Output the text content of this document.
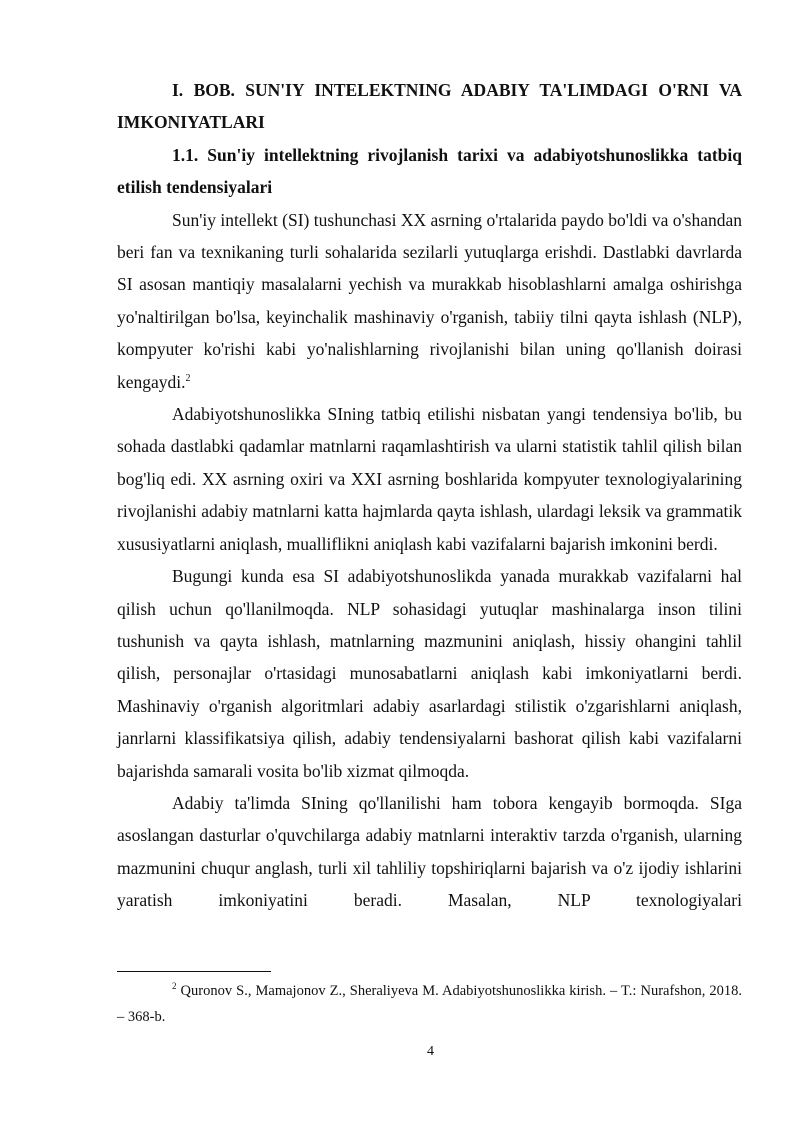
I. BOB. SUN'IY INTELEKTNING ADABIY TA'LIMDAGI O'RNI VA IMKONIYATLARI

1.1. Sun'iy intellektning rivojlanish tarixi va adabiyotshunoslikka tatbiq etilish tendensiyalari

Sun'iy intellekt (SI) tushunchasi XX asrning o'rtalarida paydo bo'ldi va o'shandan beri fan va texnikaning turli sohalarida sezilarli yutuqlarga erishdi. Dastlabki davrlarda SI asosan mantiqiy masalalarni yechish va murakkab hisoblashlarni amalga oshirishga yo'naltirilgan bo'lsa, keyinchalik mashinaviy o'rganish, tabiiy tilni qayta ishlash (NLP), kompyuter ko'rishi kabi yo'nalishlarning rivojlanishi bilan uning qo'llanish doirasi kengaydi.$^2$

Adabiyotshunoslikka SIning tatbiq etilishi nisbatan yangi tendensiya bo'lib, bu sohada dastlabki qadamlar matnlarni raqamlashtirish va ularni statistik tahlil qilish bilan bog'liq edi. XX asrning oxiri va XXI asrning boshlarida kompyuter texnologiyalarining rivojlanishi adabiy matnlarni katta hajmlarda qayta ishlash, ulardagi leksik va grammatik xususiyatlarni aniqlash, mualliflikni aniqlash kabi vazifalarni bajarish imkonini berdi.

Bugungi kunda esa SI adabiyotshunoslikda yanada murakkab vazifalarni hal qilish uchun qo'llanilmoqda. NLP sohasidagi yutuqlar mashinalarga inson tilini tushunish va qayta ishlash, matnlarning mazmunini aniqlash, hissiy ohangini tahlil qilish, personajlar o'rtasidagi munosabatlarni aniqlash kabi imkoniyatlarni berdi. Mashinaviy o'rganish algoritmlari adabiy asarlardagi stilistik o'zgarishlarni aniqlash, janrlarni klassifikatsiya qilish, adabiy tendensiyalarni bashorat qilish kabi vazifalarni bajarishda samarali vosita bo'lib xizmat qilmoqda.

Adabiy ta'limda SIning qo'llanilishi ham tobora kengayib bormoqda. SIga asoslangan dasturlar o'quvchilarga adabiy matnlarni interaktiv tarzda o'rganish, ularning mazmunini chuqur anglash, turli xil tahliliy topshiriqlarni bajarish va o'z ijodiy ishlarini yaratish imkoniyatini beradi. Masalan, NLP texnologiyalari

$^2$ Quronov S., Mamajonov Z., Sheraliyeva M. Adabiyotshunoslikka kirish. – T.: Nurafshon, 2018. – 368-b.

4
